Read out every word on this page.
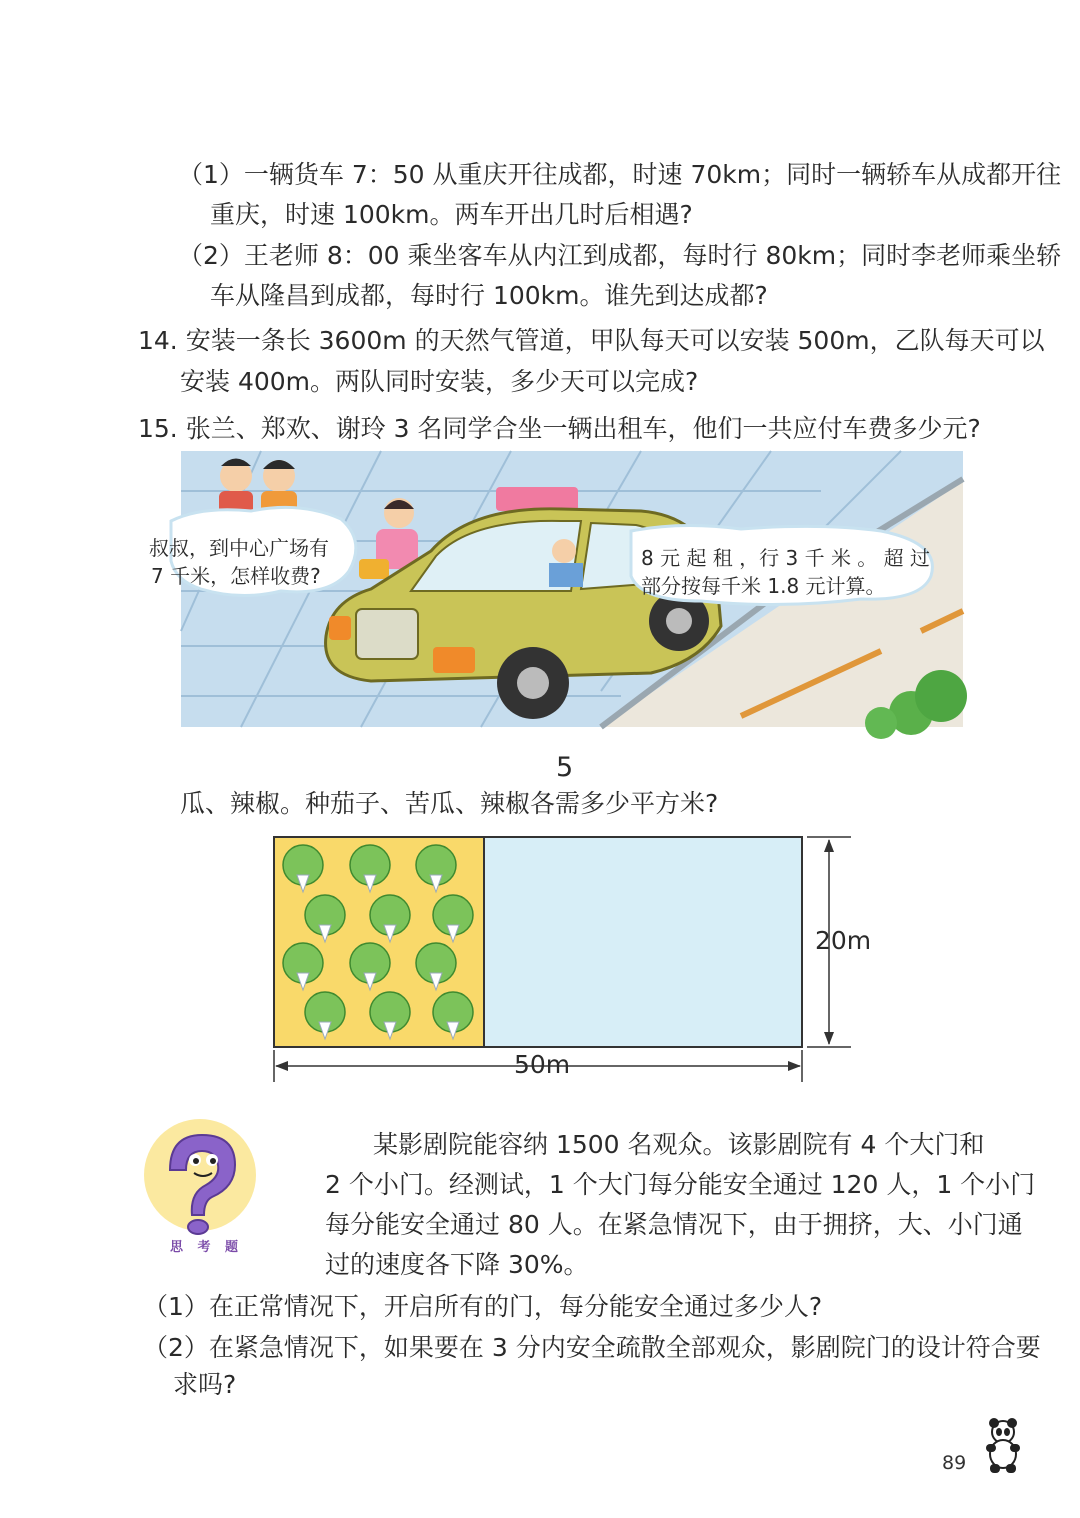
（1）一辆货车 7：50 从重庆开往成都，时速 70km；同时一辆轿车从成都开往
重庆，时速 100km。两车开出几时后相遇?
（2）王老师 8：00 乘坐客车从内江到成都，每时行 80km；同时李老师乘坐轿
车从隆昌到成都，每时行 100km。谁先到达成都?
14. 安装一条长 3600m 的天然气管道，甲队每天可以安装 500m，乙队每天可以
安装 400m。两队同时安装，多少天可以完成?
15. 张兰、郑欢、谢玲 3 名同学合坐一辆出租车，他们一共应付车费多少元?
叔叔，到中心广场有
7 千米，怎样收费?
8 元 起 租 ，行 3 千 米 。 超 过
部分按每千米 1.8 元计算。
5
瓜、辣椒。种茄子、苦瓜、辣椒各需多少平方米?
20m
50m
思 考 题
某影剧院能容纳 1500 名观众。该影剧院有 4 个大门和
2 个小门。经测试，1 个大门每分能安全通过 120 人，1 个小门
每分能安全通过 80 人。在紧急情况下，由于拥挤，大、小门通
过的速度各下降 30%。
（1）在正常情况下，开启所有的门，每分能安全通过多少人?
（2）在紧急情况下，如果要在 3 分内安全疏散全部观众，影剧院门的设计符合要
求吗?
89
